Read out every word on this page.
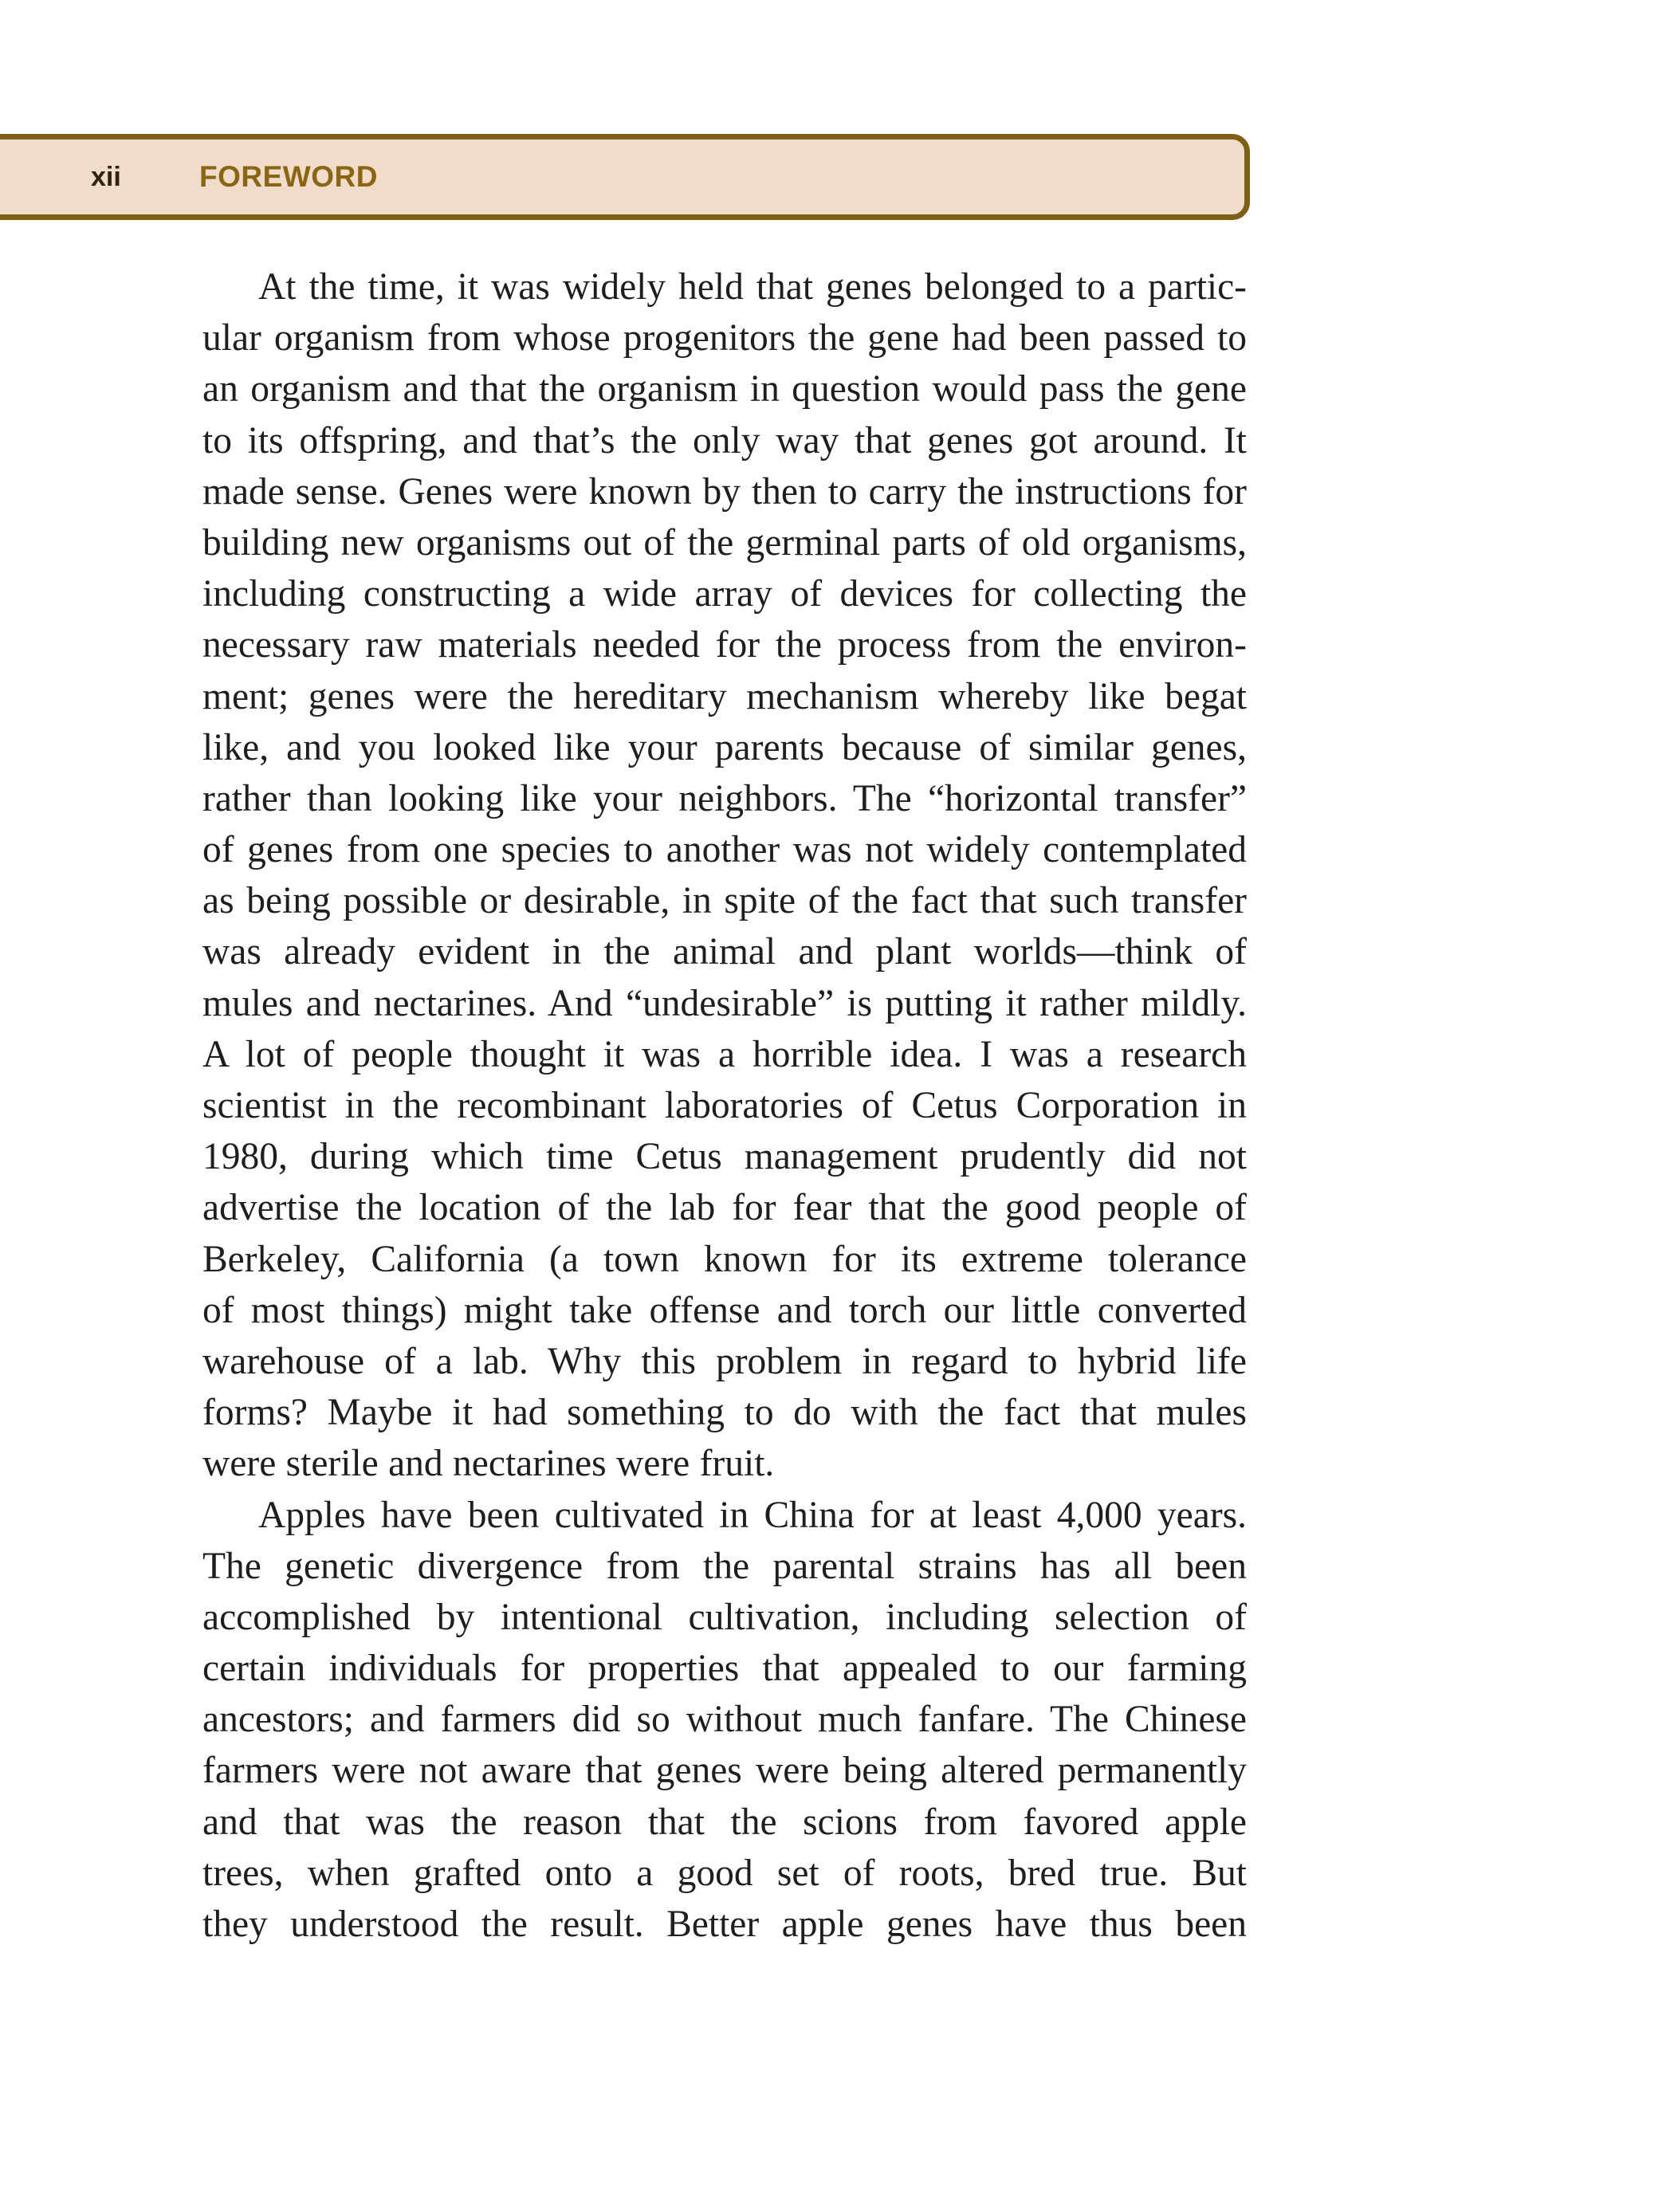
xii	FOREWORD
At the time, it was widely held that genes belonged to a partic-
ular organism from whose progenitors the gene had been passed to
an organism and that the organism in question would pass the gene
to its offspring, and that’s the only way that genes got around. It
made sense. Genes were known by then to carry the instructions for
building new organisms out of the germinal parts of old organisms,
including constructing a wide array of devices for collecting the
necessary raw materials needed for the process from the environ-
ment; genes were the hereditary mechanism whereby like begat
like, and you looked like your parents because of similar genes,
rather than looking like your neighbors. The “horizontal transfer”
of genes from one species to another was not widely contemplated
as being possible or desirable, in spite of the fact that such transfer
was already evident in the animal and plant worlds—think of
mules and nectarines. And “undesirable” is putting it rather mildly.
A lot of people thought it was a horrible idea. I was a research
scientist in the recombinant laboratories of Cetus Corporation in
1980, during which time Cetus management prudently did not
advertise the location of the lab for fear that the good people of
Berkeley, California (a town known for its extreme tolerance
of most things) might take offense and torch our little converted
warehouse of a lab. Why this problem in regard to hybrid life
forms? Maybe it had something to do with the fact that mules
were sterile and nectarines were fruit.
Apples have been cultivated in China for at least 4,000 years.
The genetic divergence from the parental strains has all been
accomplished by intentional cultivation, including selection of
certain individuals for properties that appealed to our farming
ancestors; and farmers did so without much fanfare. The Chinese
farmers were not aware that genes were being altered permanently
and that was the reason that the scions from favored apple
trees, when grafted onto a good set of roots, bred true. But
they understood the result. Better apple genes have thus been
